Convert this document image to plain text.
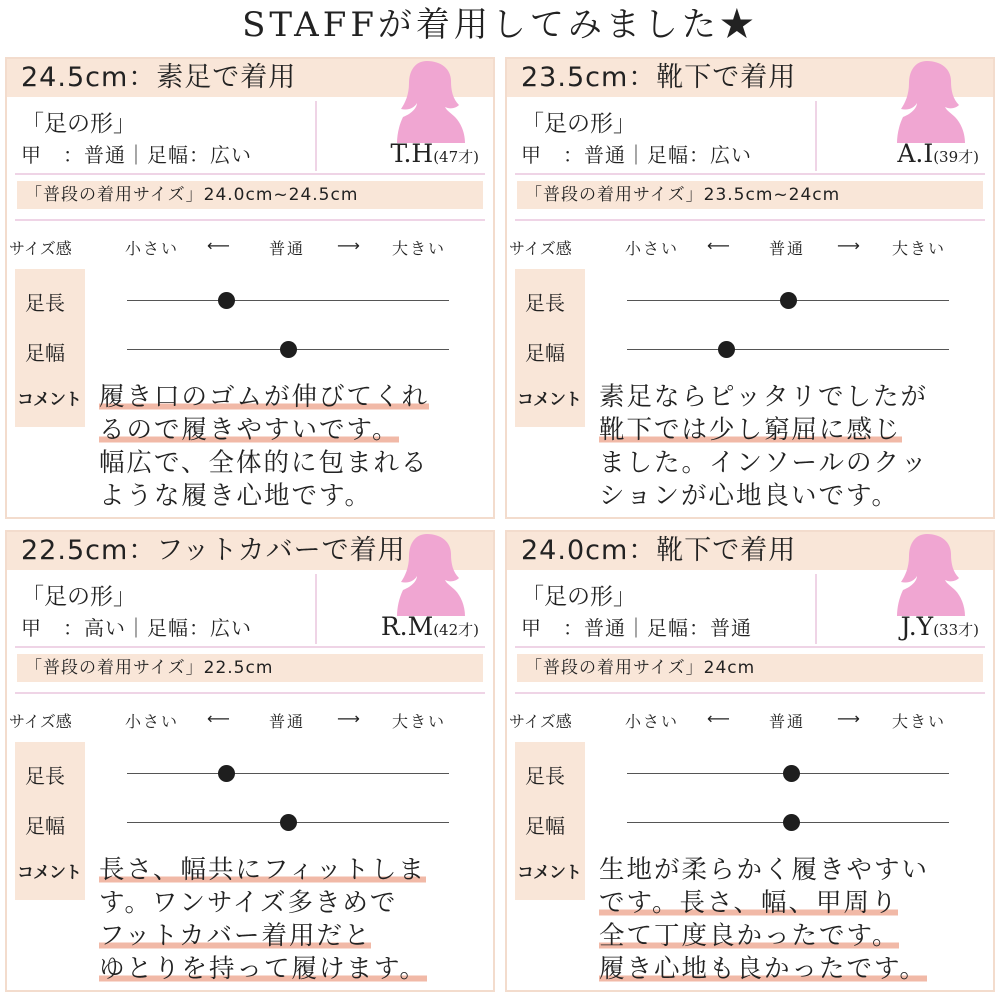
STAFFが着用してみました★
24.5cm：素足で着用
「足の形」
甲　：普通｜足幅：広い	T.H(47才)
「普段の着用サイズ」24.0cm~24.5cm
サイズ感	小さい ⟵ 普通 ⟶ 大きい
足長
足幅
コメント 履き口のゴムが伸びてくれ
るので履きやすいです。
幅広で、全体的に包まれる
ような履き心地です。
23.5cm：靴下で着用
「足の形」
甲　：普通｜足幅：広い	A.I(39才)
「普段の着用サイズ」23.5cm~24cm
サイズ感	小さい ⟵ 普通 ⟶ 大きい
足長
足幅
コメント 素足ならピッタリでしたが
靴下では少し窮屈に感じ
ました。インソールのクッ
ションが心地良いです。
22.5cm：フットカバーで着用
「足の形」
甲　：高い｜足幅：広い	R.M(42才)
「普段の着用サイズ」22.5cm
サイズ感	小さい ⟵ 普通 ⟶ 大きい
足長
足幅
コメント 長さ、幅共にフィットしま
す。ワンサイズ多きめで
フットカバー着用だと
ゆとりを持って履けます。
24.0cm：靴下で着用
「足の形」
甲　：普通｜足幅：普通	J.Y(33才)
「普段の着用サイズ」24cm
サイズ感	小さい ⟵ 普通 ⟶ 大きい
足長
足幅
コメント 生地が柔らかく履きやすい
です。長さ、幅、甲周り
全て丁度良かったです。
履き心地も良かったです。
